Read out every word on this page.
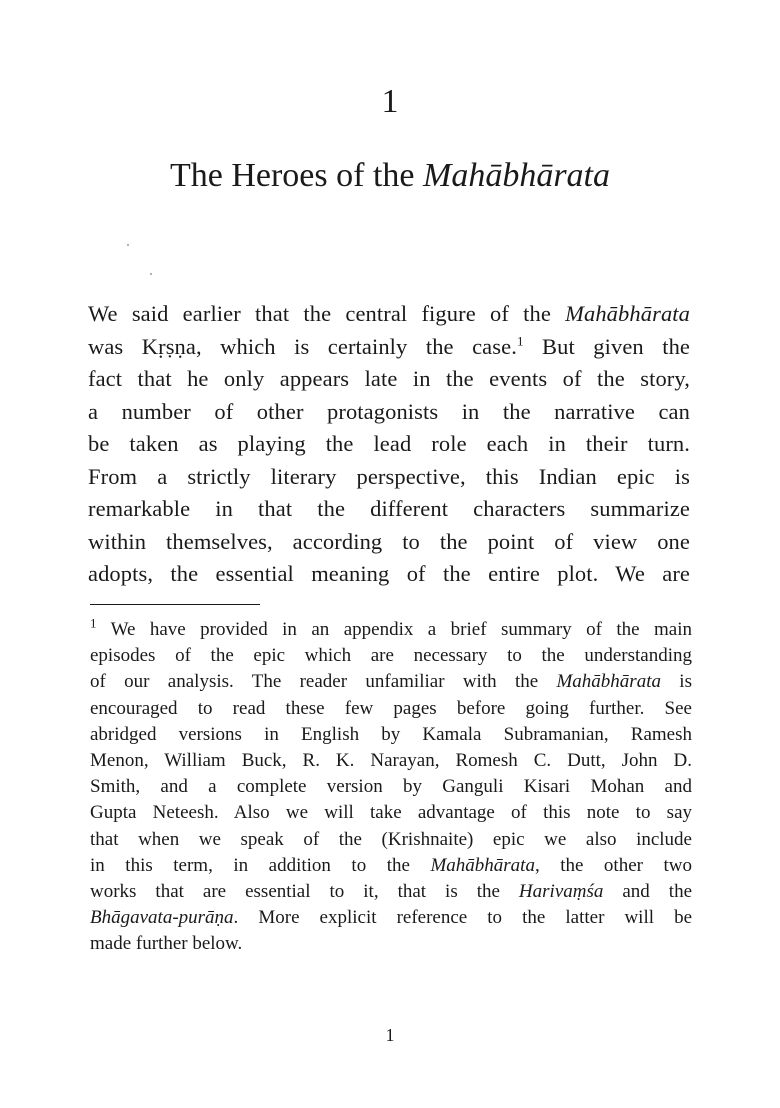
1
The Heroes of the Mahābhārata
We said earlier that the central figure of the Mahābhārata
was Kṛṣṇa, which is certainly the case.$^1$ But given the
fact that he only appears late in the events of the story,
a number of other protagonists in the narrative can
be taken as playing the lead role each in their turn.
From a strictly literary perspective, this Indian epic is
remarkable in that the different characters summarize
within themselves, according to the point of view one
adopts, the essential meaning of the entire plot. We are
$^1$ We have provided in an appendix a brief summary of the main
episodes of the epic which are necessary to the understanding
of our analysis. The reader unfamiliar with the Mahābhārata is
encouraged to read these few pages before going further. See
abridged versions in English by Kamala Subramanian, Ramesh
Menon, William Buck, R. K. Narayan, Romesh C. Dutt, John D.
Smith, and a complete version by Ganguli Kisari Mohan and
Gupta Neteesh. Also we will take advantage of this note to say
that when we speak of the (Krishnaite) epic we also include
in this term, in addition to the Mahābhārata, the other two
works that are essential to it, that is the Harivaṃśa and the
Bhāgavata-purāṇa. More explicit reference to the latter will be
made further below.
1
